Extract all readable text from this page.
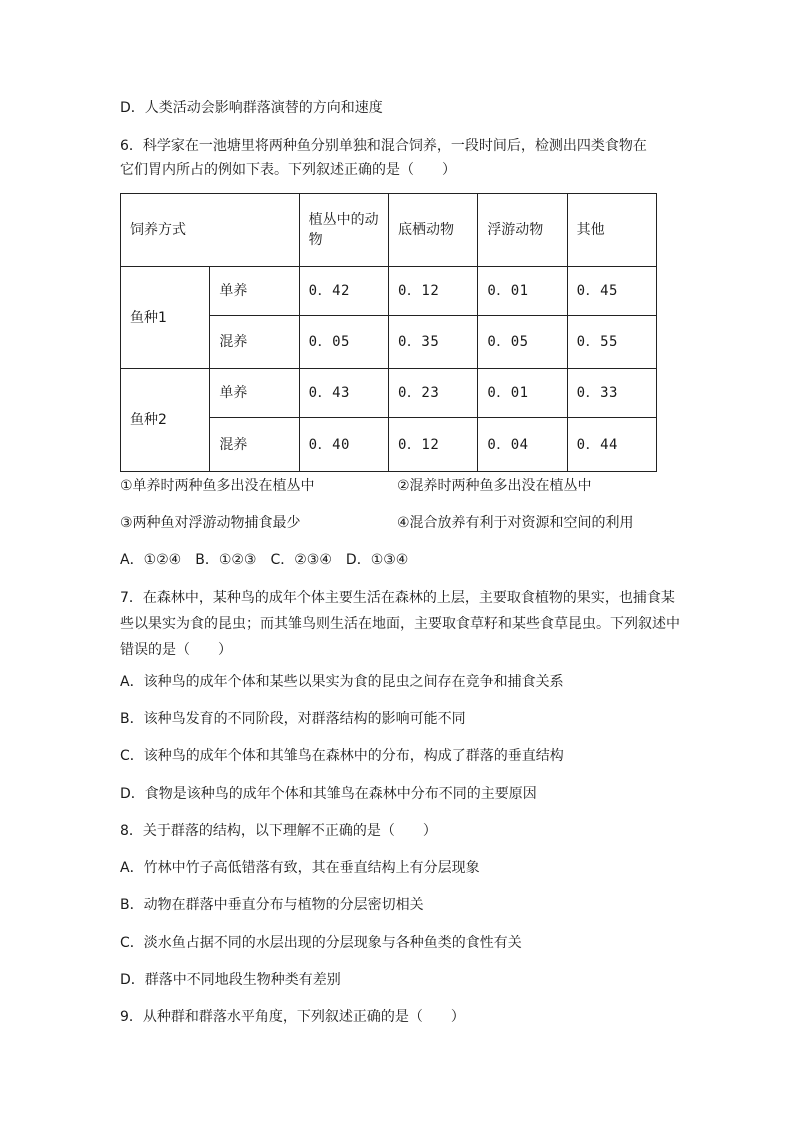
D．人类活动会影响群落演替的方向和速度
6．科学家在一池塘里将两种鱼分别单独和混合饲养，一段时间后，检测出四类食物在
它们胃内所占的例如下表。下列叙述正确的是（　　）
饲养方式		植丛中的动物	底栖动物	浮游动物	其他
鱼种1	单养	0．42	0．12	0．01	0．45
	混养	0．05	0．35	0．05	0．55
鱼种2	单养	0．43	0．23	0．01	0．33
	混养	0．40	0．12	0．04	0．44
①单养时两种鱼多出没在植丛中	②混养时两种鱼多出没在植丛中
③两种鱼对浮游动物捕食最少	④混合放养有利于对资源和空间的利用
A．①②④　B．①②③　C．②③④　D．①③④
7．在森林中，某种鸟的成年个体主要生活在森林的上层，主要取食植物的果实，也捕食某些以果实为食的昆虫；而其雏鸟则生活在地面，主要取食草籽和某些食草昆虫。下列叙述中错误的是（　　）
A．该种鸟的成年个体和某些以果实为食的昆虫之间存在竞争和捕食关系
B．该种鸟发育的不同阶段，对群落结构的影响可能不同
C．该种鸟的成年个体和其雏鸟在森林中的分布，构成了群落的垂直结构
D．食物是该种鸟的成年个体和其雏鸟在森林中分布不同的主要原因
8．关于群落的结构，以下理解不正确的是（　　）
A．竹林中竹子高低错落有致，其在垂直结构上有分层现象
B．动物在群落中垂直分布与植物的分层密切相关
C．淡水鱼占据不同的水层出现的分层现象与各种鱼类的食性有关
D．群落中不同地段生物种类有差别
9．从种群和群落水平角度，下列叙述正确的是（　　）
